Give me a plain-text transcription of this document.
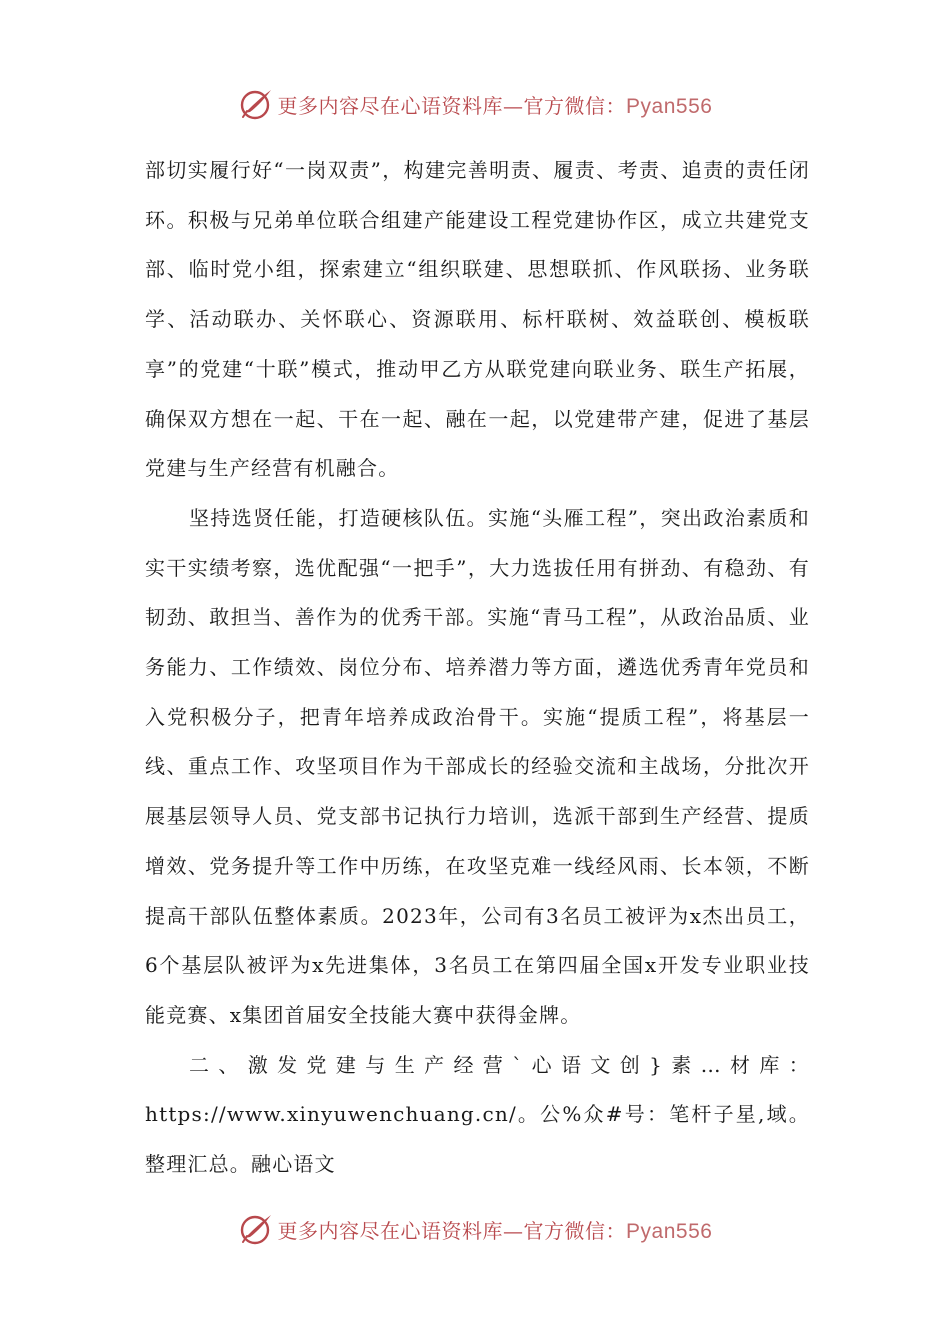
更多内容尽在心语资料库—官方微信：Pyan556

部切实履行好“一岗双责”，构建完善明责、履责、考责、追责的责任闭环。积极与兄弟单位联合组建产能建设工程党建协作区，成立共建党支部、临时党小组，探索建立“组织联建、思想联抓、作风联扬、业务联学、活动联办、关怀联心、资源联用、标杆联树、效益联创、模板联享”的党建“十联”模式，推动甲乙方从联党建向联业务、联生产拓展，确保双方想在一起、干在一起、融在一起，以党建带产建，促进了基层党建与生产经营有机融合。

坚持选贤任能，打造硬核队伍。实施“头雁工程”，突出政治素质和实干实绩考察，选优配强“一把手”，大力选拔任用有拼劲、有稳劲、有韧劲、敢担当、善作为的优秀干部。实施“青马工程”，从政治品质、业务能力、工作绩效、岗位分布、培养潜力等方面，遴选优秀青年党员和入党积极分子，把青年培养成政治骨干。实施“提质工程”，将基层一线、重点工作、攻坚项目作为干部成长的经验交流和主战场，分批次开展基层领导人员、党支部书记执行力培训，选派干部到生产经营、提质增效、党务提升等工作中历练，在攻坚克难一线经风雨、长本领，不断提高干部队伍整体素质。2023年，公司有3名员工被评为x杰出员工，6个基层队被评为x先进集体，3名员工在第四届全国x开发专业职业技能竞赛、x集团首届安全技能大赛中获得金牌。

二、激发党建与生产经营`心语文创}素…材库：https://www.xinyuwenchuang.cn/。公%众#号：笔杆子星,域。整理汇总。融心语文

更多内容尽在心语资料库—官方微信：Pyan556
